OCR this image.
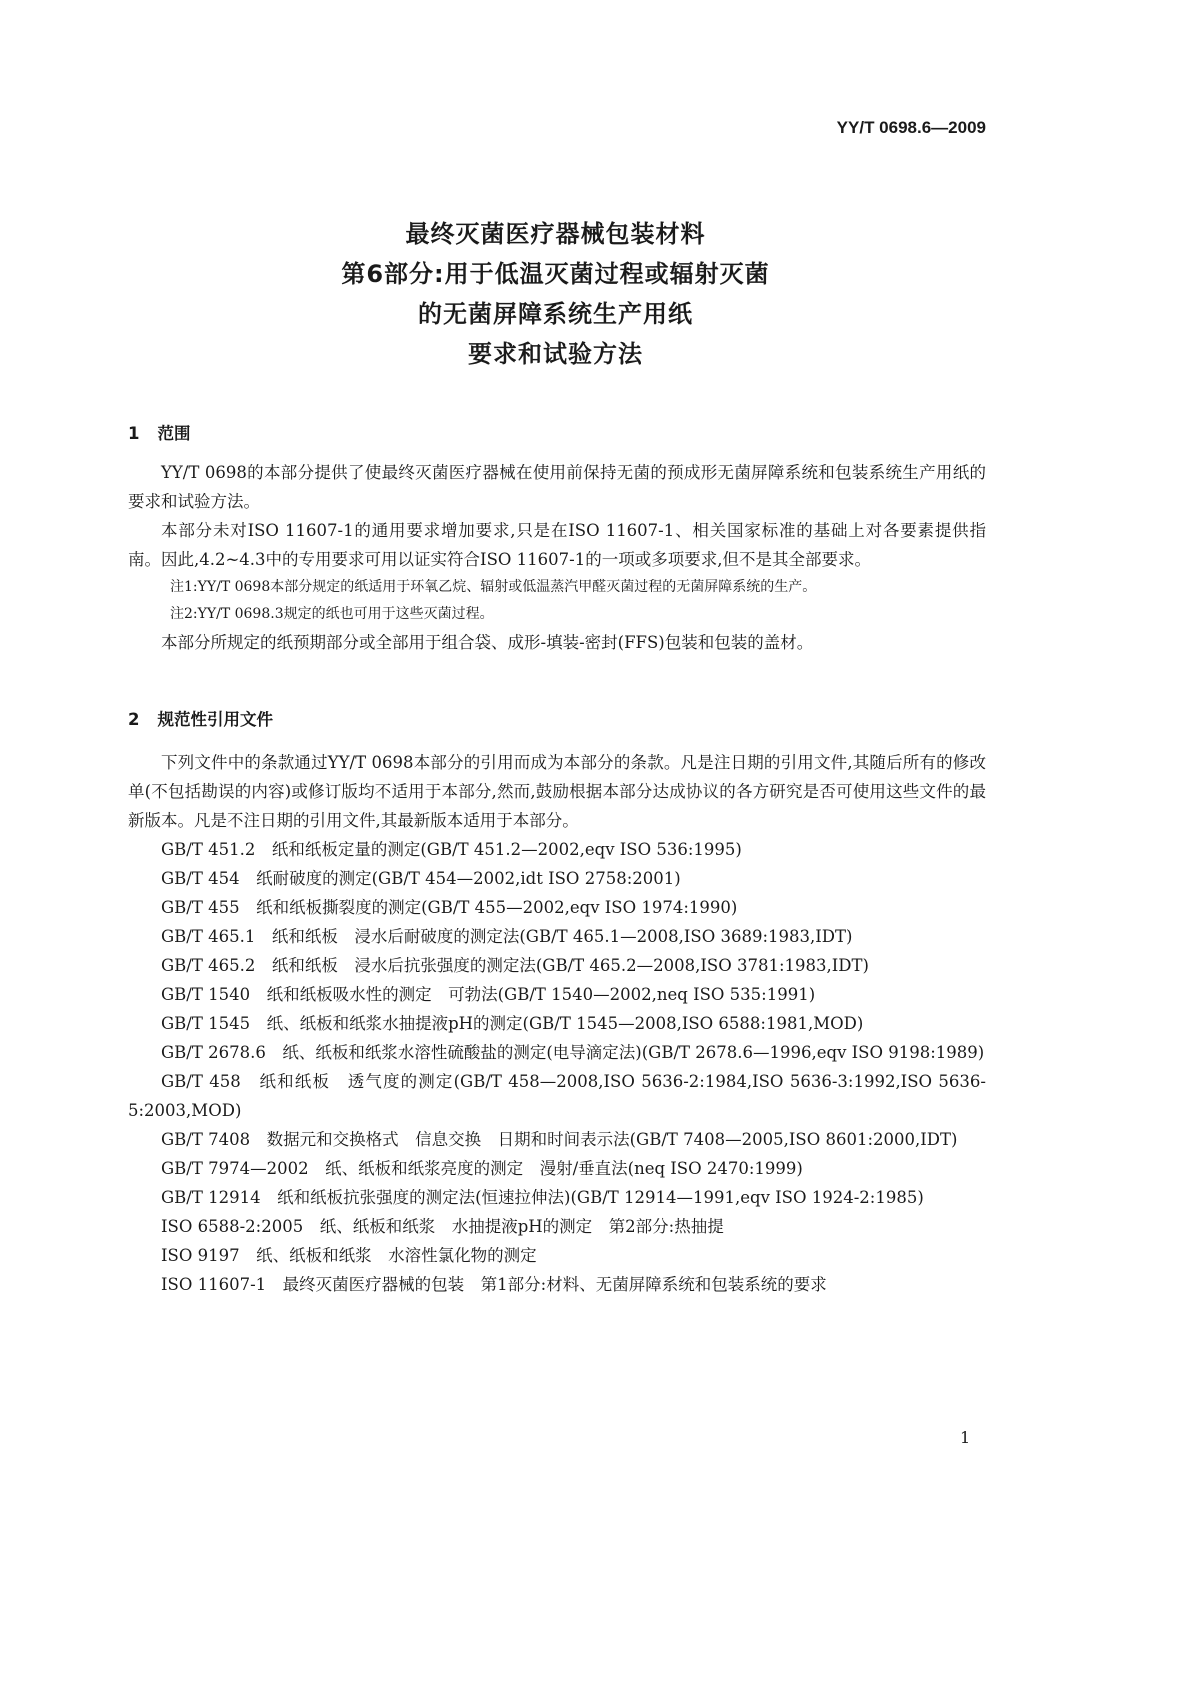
YY/T 0698.6—2009
最终灭菌医疗器械包装材料
第6部分:用于低温灭菌过程或辐射灭菌
的无菌屏障系统生产用纸
要求和试验方法
1 范围

YY/T 0698的本部分提供了使最终灭菌医疗器械在使用前保持无菌的预成形无菌屏障系统和包装系统生产用纸的要求和试验方法。

本部分未对ISO 11607-1的通用要求增加要求,只是在ISO 11607-1、相关国家标准的基础上对各要素提供指南。因此,4.2~4.3中的专用要求可用以证实符合ISO 11607-1的一项或多项要求,但不是其全部要求。

注1:YY/T 0698本部分规定的纸适用于环氧乙烷、辐射或低温蒸汽甲醛灭菌过程的无菌屏障系统的生产。

注2:YY/T 0698.3规定的纸也可用于这些灭菌过程。

本部分所规定的纸预期部分或全部用于组合袋、成形-填装-密封(FFS)包装和包装的盖材。

2 规范性引用文件

下列文件中的条款通过YY/T 0698本部分的引用而成为本部分的条款。凡是注日期的引用文件,其随后所有的修改单(不包括勘误的内容)或修订版均不适用于本部分,然而,鼓励根据本部分达成协议的各方研究是否可使用这些文件的最新版本。凡是不注日期的引用文件,其最新版本适用于本部分。

GB/T 451.2　纸和纸板定量的测定(GB/T 451.2—2002,eqv ISO 536:1995)

GB/T 454　纸耐破度的测定(GB/T 454—2002,idt ISO 2758:2001)

GB/T 455　纸和纸板撕裂度的测定(GB/T 455—2002,eqv ISO 1974:1990)

GB/T 465.1　纸和纸板　浸水后耐破度的测定法(GB/T 465.1—2008,ISO 3689:1983,IDT)

GB/T 465.2　纸和纸板　浸水后抗张强度的测定法(GB/T 465.2—2008,ISO 3781:1983,IDT)

GB/T 1540　纸和纸板吸水性的测定　可勃法(GB/T 1540—2002,neq ISO 535:1991)

GB/T 1545　纸、纸板和纸浆水抽提液pH的测定(GB/T 1545—2008,ISO 6588:1981,MOD)

GB/T 2678.6　纸、纸板和纸浆水溶性硫酸盐的测定(电导滴定法)(GB/T 2678.6—1996,eqv ISO 9198:1989)

GB/T 458　纸和纸板　透气度的测定(GB/T 458—2008,ISO 5636-2:1984,ISO 5636-3:1992,ISO 5636-5:2003,MOD)

GB/T 7408　数据元和交换格式　信息交换　日期和时间表示法(GB/T 7408—2005,ISO 8601:2000,IDT)

GB/T 7974—2002　纸、纸板和纸浆亮度的测定　漫射/垂直法(neq ISO 2470:1999)

GB/T 12914　纸和纸板抗张强度的测定法(恒速拉伸法)(GB/T 12914—1991,eqv ISO 1924-2:1985)

ISO 6588-2:2005　纸、纸板和纸浆　水抽提液pH的测定　第2部分:热抽提

ISO 9197　纸、纸板和纸浆　水溶性氯化物的测定

ISO 11607-1　最终灭菌医疗器械的包装　第1部分:材料、无菌屏障系统和包装系统的要求

1
